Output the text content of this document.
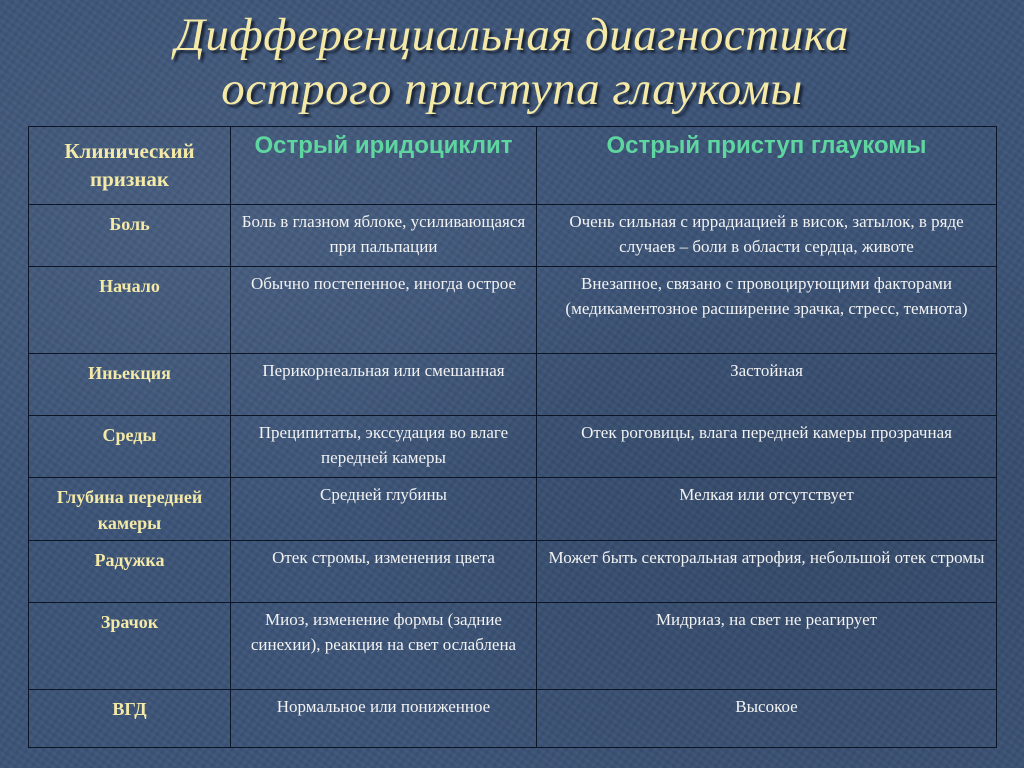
Дифференциальная диагностика
острого приступа глаукомы
Клинический признак	Острый иридоциклит	Острый приступ глаукомы
Боль	Боль в глазном яблоке, усиливающаяся при пальпации	Очень сильная с иррадиацией в висок, затылок, в ряде случаев – боли в области сердца, животе
Начало	Обычно постепенное, иногда острое	Внезапное, связано с провоцирующими факторами (медикаментозное расширение зрачка, стресс, темнота)
Иньекция	Перикорнеальная или смешанная	Застойная
Среды	Преципитаты, экссудация во влаге передней камеры	Отек роговицы, влага передней камеры прозрачная
Глубина передней камеры	Средней глубины	Мелкая или отсутствует
Радужка	Отек стромы, изменения цвета	Может быть секторальная атрофия, небольшой отек стромы
Зрачок	Миоз, изменение формы (задние синехии), реакция на свет ослаблена	Мидриаз, на свет не реагирует
ВГД	Нормальное или пониженное	Высокое
